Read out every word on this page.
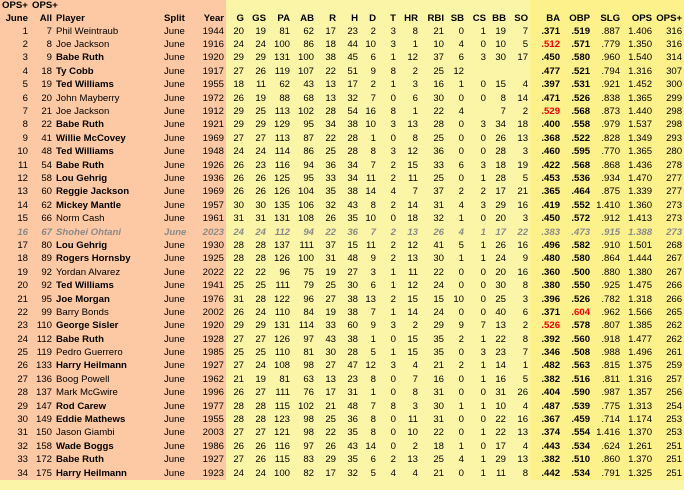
OPS+	OPS+																						
June	All	Player	Split	Year	G	GS	PA	AB	R	H	D	T	HR	RBI	SB	CS	BB	SO	BA	OBP	SLG	OPS	OPS+
1	7	Phil Weintraub	June	1944	20	19	81	62	17	23	2	3	8	21	0	1	19	7	.371	.519	.887	1.406	316
2	8	Joe Jackson	June	1916	24	24	100	86	18	44	10	3	1	10	4	0	10	5	.512	.571	.779	1.350	316
3	9	Babe Ruth	June	1920	29	29	131	100	38	45	6	1	12	37	6	3	30	17	.450	.580	.960	1.540	314
4	18	Ty Cobb	June	1917	27	26	119	107	22	51	9	8	2	25	12				.477	.521	.794	1.316	307
5	19	Ted Williams	June	1955	18	11	62	43	13	17	2	1	3	16	1	0	15	4	.397	.531	.921	1.452	300
6	20	John Mayberry	June	1972	26	19	88	68	13	32	7	0	6	30	0	0	8	14	.471	.526	.838	1.365	299
7	21	Joe Jackson	June	1912	29	25	113	102	28	54	16	8	1	22	4		7	2	.529	.568	.873	1.440	298
8	22	Babe Ruth	June	1921	29	29	129	95	34	38	10	3	13	28	0	3	34	18	.400	.558	.979	1.537	298
9	41	Willie McCovey	June	1969	27	27	113	87	22	28	1	0	8	25	0	0	26	13	.368	.522	.828	1.349	293
10	48	Ted Williams	June	1948	24	24	114	86	25	28	8	3	12	36	0	0	28	3	.460	.595	.770	1.365	280
11	54	Babe Ruth	June	1926	26	23	116	94	36	34	7	2	15	33	6	3	18	19	.422	.568	.868	1.436	278
12	58	Lou Gehrig	June	1936	26	26	125	95	33	34	11	2	11	25	0	1	28	5	.453	.536	.934	1.470	277
13	60	Reggie Jackson	June	1969	26	26	126	104	35	38	14	4	7	37	2	2	17	21	.365	.464	.875	1.339	277
14	62	Mickey Mantle	June	1957	30	30	135	106	32	43	8	2	14	31	4	3	29	16	.419	.552	1.410	1.360	273
15	66	Norm Cash	June	1961	31	31	131	108	26	35	10	0	18	32	1	0	20	3	.450	.572	.912	1.413	273
16	67	Shohei Ohtani	June	2023	24	24	112	94	22	36	7	2	13	26	4	1	17	22	.383	.473	.915	1.388	273
17	80	Lou Gehrig	June	1930	28	28	137	111	37	15	11	2	12	41	5	1	26	16	.496	.582	.910	1.501	268
18	89	Rogers Hornsby	June	1925	28	28	126	100	31	48	9	2	13	30	1	1	24	9	.480	.580	.864	1.444	267
19	92	Yordan Alvarez	June	2022	22	22	96	75	19	27	3	1	11	22	0	0	20	16	.360	.500	.880	1.380	267
20	92	Ted Williams	June	1941	25	25	111	79	25	30	6	1	12	24	0	0	30	8	.380	.550	.925	1.475	266
21	95	Joe Morgan	June	1976	31	28	122	96	27	38	13	2	15	15	10	0	25	3	.396	.526	.782	1.318	266
22	99	Barry Bonds	June	2002	26	24	110	84	19	38	7	1	14	24	0	0	40	6	.371	.604	.962	1.566	265
23	110	George Sisler	June	1920	29	29	131	114	33	60	9	3	2	29	9	7	13	2	.526	.578	.807	1.385	262
24	112	Babe Ruth	June	1928	27	27	126	97	43	38	1	0	15	35	2	1	22	8	.392	.560	.918	1.477	262
25	119	Pedro Guerrero	June	1985	25	25	110	81	30	28	5	1	15	35	0	3	23	7	.346	.508	.988	1.496	261
26	133	Harry Heilmann	June	1927	27	24	108	98	27	47	12	3	4	21	2	1	14	1	.482	.563	.815	1.375	259
27	136	Boog Powell	June	1962	21	19	81	63	13	23	8	0	7	16	0	1	16	5	.382	.516	.811	1.316	257
28	137	Mark McGwire	June	1996	26	27	111	76	17	31	1	0	8	31	0	0	31	26	.404	.590	.987	1.357	256
29	147	Rod Carew	June	1977	28	28	115	102	21	48	7	8	3	30	1	1	10	4	.487	.539	.775	1.313	254
30	149	Eddie Mathews	June	1955	28	28	123	98	25	36	8	0	11	31	0	0	22	16	.367	.459	.714	1.174	253
31	150	Jason Giambi	June	2003	27	27	121	98	22	35	8	0	10	22	0	1	22	13	.374	.554	1.416	1.370	253
32	158	Wade Boggs	June	1986	26	26	116	97	26	43	14	0	2	18	1	0	17	4	.443	.534	.624	1.261	251
33	172	Babe Ruth	June	1927	27	26	115	83	29	35	6	2	13	25	4	1	29	13	.382	.510	.860	1.370	251
34	175	Harry Heilmann	June	1923	24	24	100	82	17	32	5	4	4	21	0	1	11	8	.442	.534	.791	1.325	251
